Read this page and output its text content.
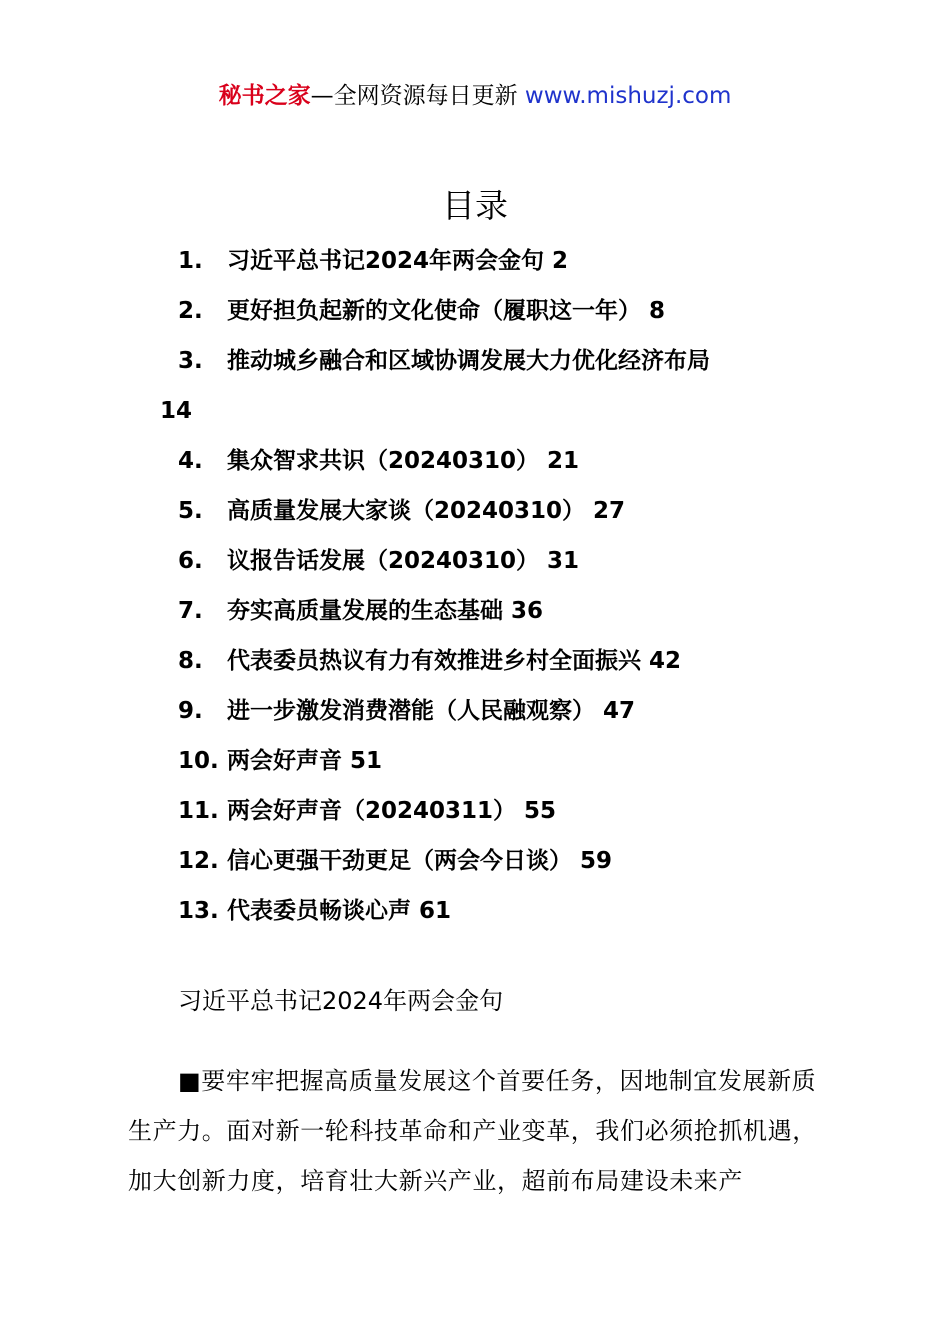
秘书之家—全网资源每日更新 www.mishuzj.com
目录
1. 习近平总书记2024年两会金句 2
2. 更好担负起新的文化使命（履职这一年） 8
3. 推动城乡融合和区域协调发展大力优化经济布局
14
4. 集众智求共识（20240310） 21
5. 高质量发展大家谈（20240310） 27
6. 议报告话发展（20240310） 31
7. 夯实高质量发展的生态基础 36
8. 代表委员热议有力有效推进乡村全面振兴 42
9. 进一步激发消费潜能（人民融观察） 47
10. 两会好声音 51
11. 两会好声音（20240311） 55
12. 信心更强干劲更足（两会今日谈） 59
13. 代表委员畅谈心声 61
习近平总书记2024年两会金句

■要牢牢把握高质量发展这个首要任务，因地制宜发展新质生产力。面对新一轮科技革命和产业变革，我们必须抢抓机遇，加大创新力度，培育壮大新兴产业，超前布局建设未来产
